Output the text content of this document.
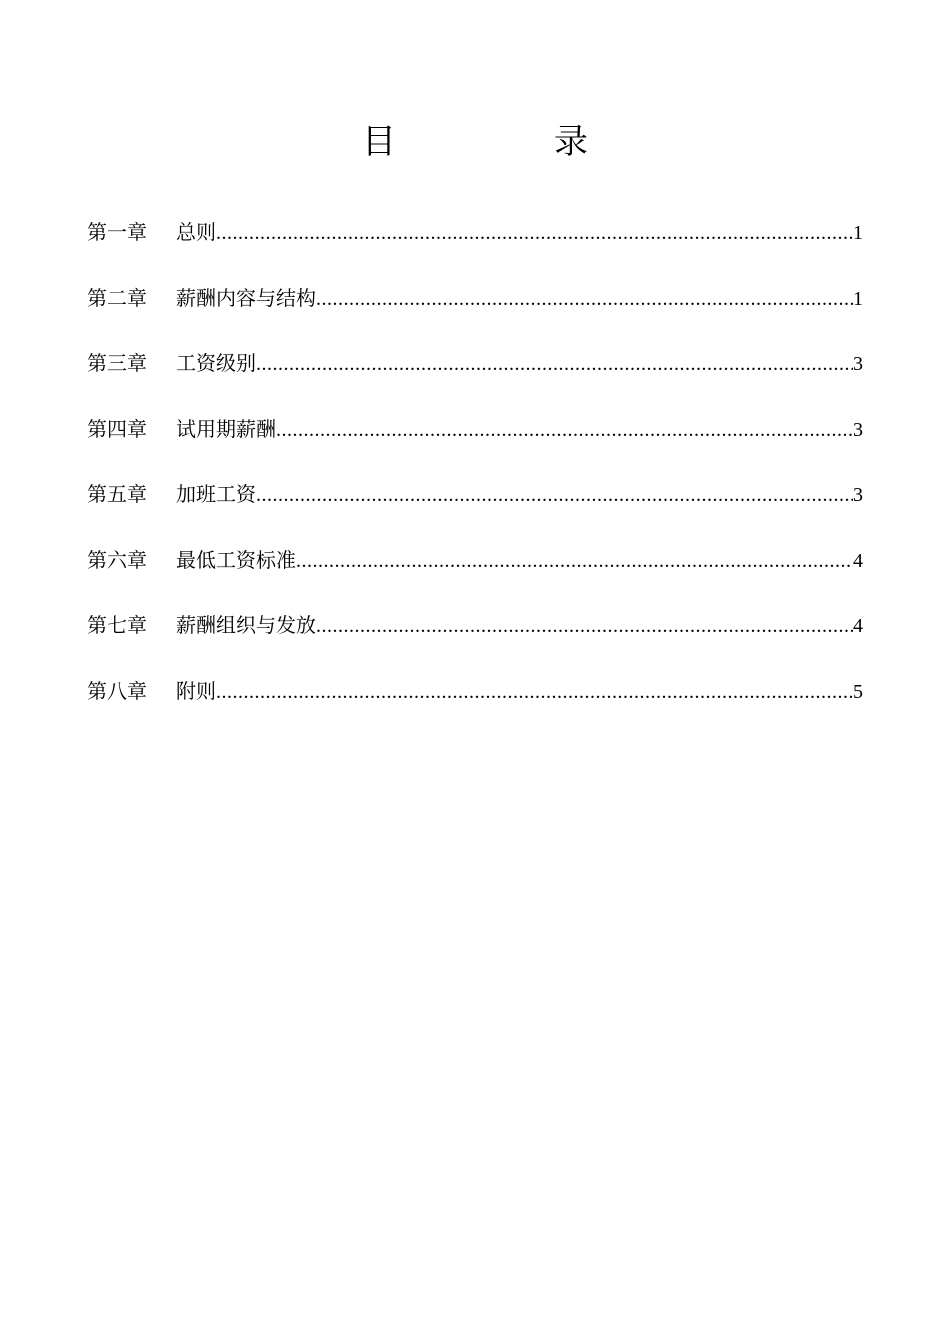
目　录
第一章	总则 .....	1
第二章	薪酬内容与结构 .....	1
第三章	工资级别 .....	3
第四章	试用期薪酬 .....	3
第五章	加班工资 .....	3
第六章	最低工资标准 .....	4
第七章	薪酬组织与发放 .....	4
第八章	附则 .....	5
